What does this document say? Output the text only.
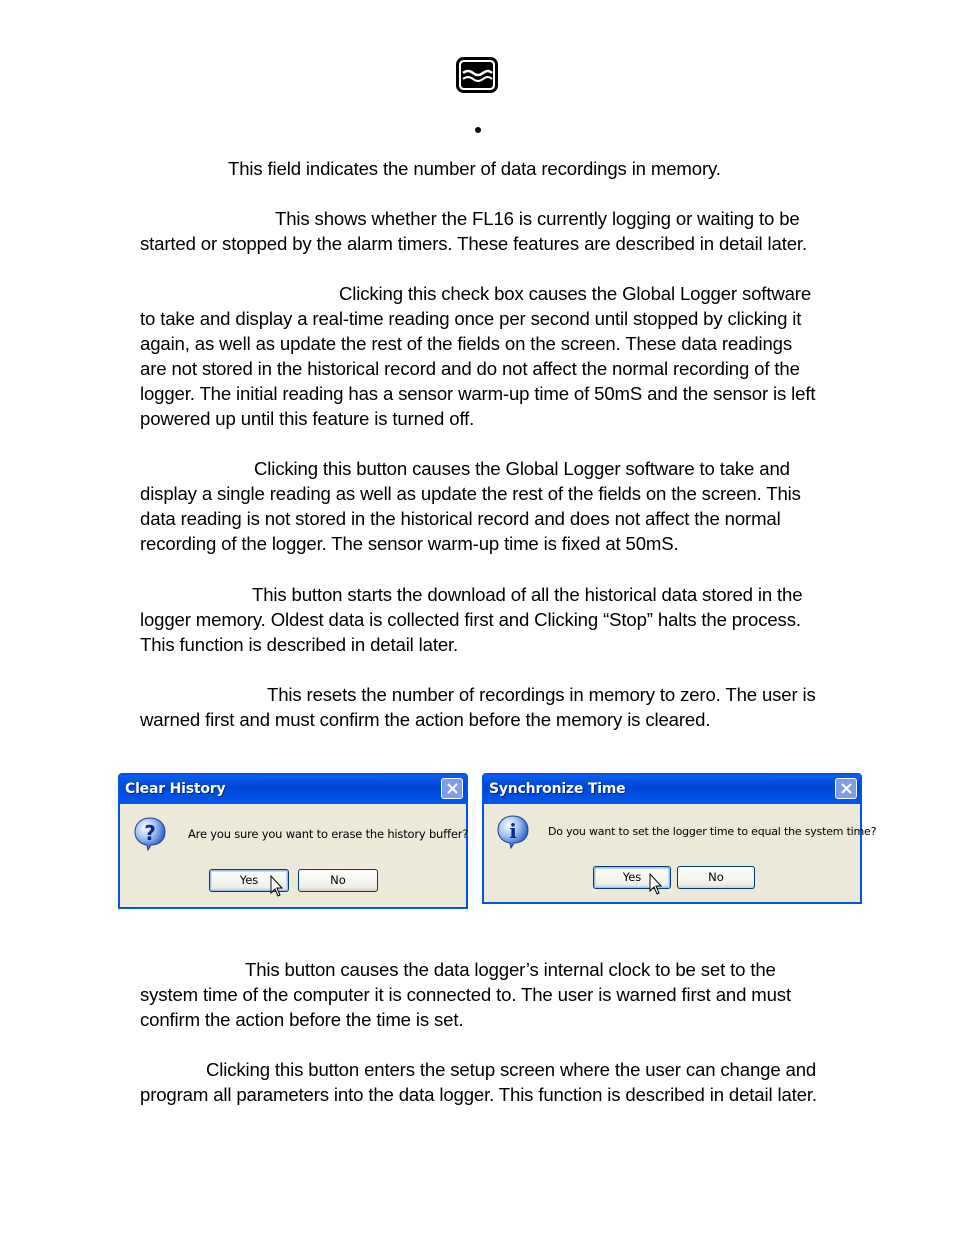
This field indicates the number of data recordings in memory.

This shows whether the FL16 is currently logging or waiting to be
started or stopped by the alarm timers. These features are described in detail later.

Clicking this check box causes the Global Logger software
to take and display a real-time reading once per second until stopped by clicking it
again, as well as update the rest of the fields on the screen. These data readings
are not stored in the historical record and do not affect the normal recording of the
logger. The initial reading has a sensor warm-up time of 50mS and the sensor is left
powered up until this feature is turned off.

Clicking this button causes the Global Logger software to take and
display a single reading as well as update the rest of the fields on the screen. This
data reading is not stored in the historical record and does not affect the normal
recording of the logger. The sensor warm-up time is fixed at 50mS.

This button starts the download of all the historical data stored in the
logger memory. Oldest data is collected first and Clicking “Stop” halts the process.
This function is described in detail later.

This resets the number of recordings in memory to zero. The user is
warned first and must confirm the action before the memory is cleared.

Clear History
?	Are you sure you want to erase the history buffer?
Yes	No
Synchronize Time
i	Do you want to set the logger time to equal the system time?
Yes	No

This button causes the data logger’s internal clock to be set to the
system time of the computer it is connected to. The user is warned first and must
confirm the action before the time is set.

Clicking this button enters the setup screen where the user can change and
program all parameters into the data logger. This function is described in detail later.
